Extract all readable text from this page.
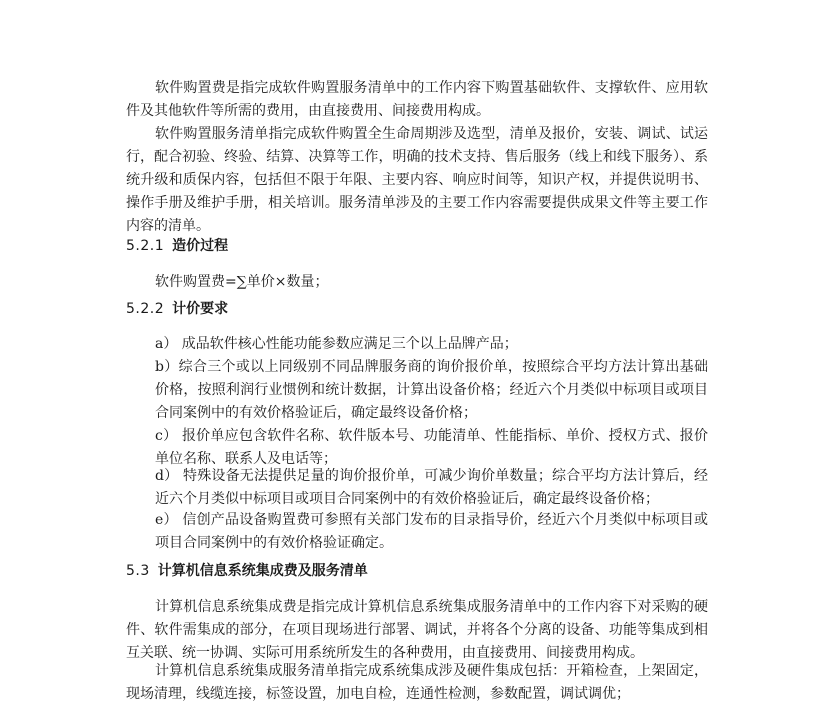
软件购置费是指完成软件购置服务清单中的工作内容下购置基础软件、支撑软件、应用软件及其他软件等所需的费用，由直接费用、间接费用构成。

软件购置服务清单指完成软件购置全生命周期涉及选型，清单及报价，安装、调试、试运行，配合初验、终验、结算、决算等工作，明确的技术支持、售后服务（线上和线下服务）、系统升级和质保内容，包括但不限于年限、主要内容、响应时间等，知识产权，并提供说明书、操作手册及维护手册，相关培训。服务清单涉及的主要工作内容需要提供成果文件等主要工作内容的清单。

5.2.1 造价过程

软件购置费=∑单价×数量；

5.2.2 计价要求

a） 成品软件核心性能功能参数应满足三个以上品牌产品；

b）综合三个或以上同级别不同品牌服务商的询价报价单，按照综合平均方法计算出基础价格，按照利润行业惯例和统计数据，计算出设备价格；经近六个月类似中标项目或项目合同案例中的有效价格验证后，确定最终设备价格；

c） 报价单应包含软件名称、软件版本号、功能清单、性能指标、单价、授权方式、报价单位名称、联系人及电话等；

d） 特殊设备无法提供足量的询价报价单，可减少询价单数量；综合平均方法计算后，经近六个月类似中标项目或项目合同案例中的有效价格验证后，确定最终设备价格；

e） 信创产品设备购置费可参照有关部门发布的目录指导价，经近六个月类似中标项目或项目合同案例中的有效价格验证确定。

5.3 计算机信息系统集成费及服务清单

计算机信息系统集成费是指完成计算机信息系统集成服务清单中的工作内容下对采购的硬件、软件需集成的部分，在项目现场进行部署、调试，并将各个分离的设备、功能等集成到相互关联、统一协调、实际可用系统所发生的各种费用，由直接费用、间接费用构成。

计算机信息系统集成服务清单指完成系统集成涉及硬件集成包括：开箱检查，上架固定，现场清理，线缆连接，标签设置，加电自检，连通性检测，参数配置，调试调优；
